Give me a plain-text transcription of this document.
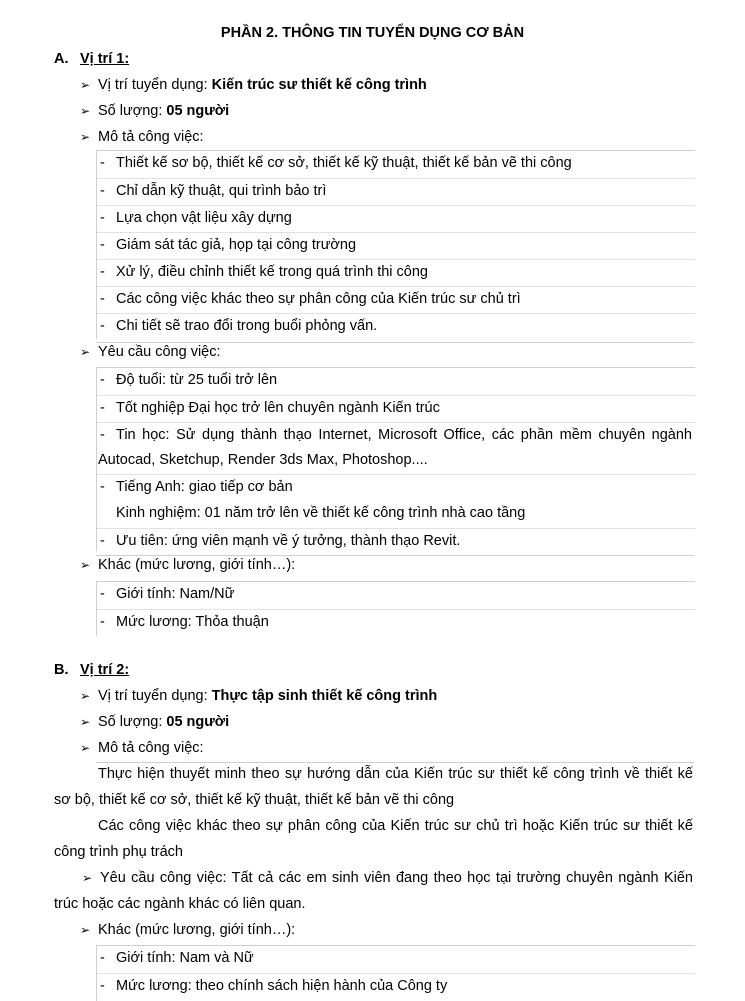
PHẦN 2. THÔNG TIN TUYỂN DỤNG CƠ BẢN
A. Vị trí 1:
➢ Vị trí tuyển dụng: Kiến trúc sư thiết kế công trình
➢ Số lượng: 05 người
➢ Mô tả công việc:
- Thiết kế sơ bộ, thiết kế cơ sở, thiết kế kỹ thuật, thiết kế bản vẽ thi công
- Chỉ dẫn kỹ thuật, qui trình bảo trì
- Lựa chọn vật liệu xây dựng
- Giám sát tác giả, họp tại công trường
- Xử lý, điều chỉnh thiết kế trong quá trình thi công
- Các công việc khác theo sự phân công của Kiến trúc sư chủ trì
- Chi tiết sẽ trao đổi trong buổi phỏng vấn.
➢ Yêu cầu công việc:
- Độ tuổi: từ 25 tuổi trở lên
- Tốt nghiệp Đại học trở lên chuyên ngành Kiến trúc
- Tin học: Sử dụng thành thạo Internet, Microsoft Office, các phần mềm chuyên ngành
Autocad, Sketchup, Render 3ds Max, Photoshop....
- Tiếng Anh: giao tiếp cơ bản
Kinh nghiệm: 01 năm trở lên về thiết kế công trình nhà cao tầng
- Ưu tiên: ứng viên mạnh về ý tưởng, thành thạo Revit.
➢ Khác (mức lương, giới tính…):
- Giới tính: Nam/Nữ
- Mức lương: Thỏa thuận
B. Vị trí 2:
➢ Vị trí tuyển dụng: Thực tập sinh thiết kế công trình
➢ Số lượng: 05 người
➢ Mô tả công việc:
Thực hiện thuyết minh theo sự hướng dẫn của Kiến trúc sư thiết kế công trình về thiết kế
sơ bộ, thiết kế cơ sở, thiết kế kỹ thuật, thiết kế bản vẽ thi công
Các công việc khác theo sự phân công của Kiến trúc sư chủ trì hoặc Kiến trúc sư thiết kế
công trình phụ trách
➢ Yêu cầu công việc: Tất cả các em sinh viên đang theo học tại trường chuyên ngành Kiến
trúc hoặc các ngành khác có liên quan.
➢ Khác (mức lương, giới tính…):
- Giới tính: Nam và Nữ
- Mức lương: theo chính sách hiện hành của Công ty
